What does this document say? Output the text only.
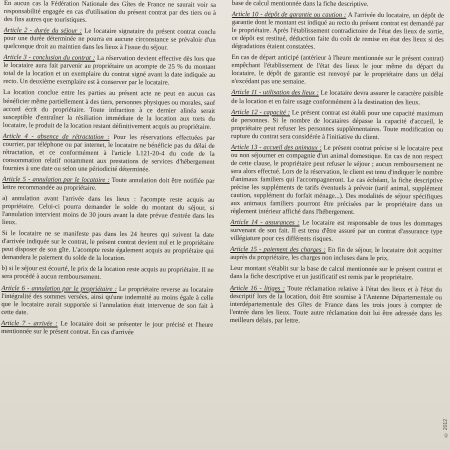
En aucun cas la Fédération Nationale des Gîtes de France ne saurait voir sa responsabilité engagée en cas d'utilisation du présent contrat par des tiers ou à des fins autres que touristiques.

Article 2 - durée du séjour : Le locataire signataire du présent contrat conclu pour une durée déterminée ne pourra en aucune circonstance se prévaloir d'un quelconque droit au maintien dans les lieux à l'issue du séjour.

Article 3 - conclusion du contrat : La réservation devient effective dès lors que le locataire aura fait parvenir au propriétaire un acompte de 25 % du montant total de la location et un exemplaire du contrat signé avant la date indiquée au recto. Un deuxième exemplaire est à conserver par le locataire.

La location conclue entre les parties au présent acte ne peut en aucun cas bénéficier même partiellement à des tiers, personnes physiques ou morales, sauf accord écrit du propriétaire. Toute infraction à ce dernier alinéa serait susceptible d'entraîner la résiliation immédiate de la location aux torts du locataire, le produit de la location restant définitivement acquis au propriétaire.

Article 4 - absence de rétractation : Pour les réservations effectuées par courrier, par téléphone ou par internet, le locataire ne bénéficie pas du délai de rétractation, et ce conformément à l'article L121-20-4 du code de la consommation relatif notamment aux prestations de services d'hébergement fournies à une date ou selon une périodicité déterminée.

Article 5 - annulation par le locataire : Toute annulation doit être notifiée par lettre recommandée au propriétaire.

a) annulation avant l'arrivée dans les lieux : l'acompte reste acquis au propriétaire. Celui-ci pourra demander le solde du montant du séjour, si l'annulation intervient moins de 30 jours avant la date prévue d'entrée dans les lieux.

Si le locataire ne se manifeste pas dans les 24 heures qui suivent la date d'arrivée indiquée sur le contrat, le présent contrat devient nul et le propriétaire peut disposer de son gîte. L'acompte reste également acquis au propriétaire qui demandera le paiement du solde de la location.

b) si le séjour est écourté, le prix de la location reste acquis au propriétaire. Il ne sera procédé à aucun remboursement.

Article 6 - annulation par le propriétaire : Le propriétaire reverse au locataire l'intégralité des sommes versées, ainsi qu'une indemnité au moins égale à celle que le locataire aurait supportée si l'annulation était intervenue de son fait à cette date.

Article 7 - arrivée : Le locataire doit se présenter le jour précisé et l'heure mentionnée sur le présent contrat. En cas d'arrivée

base de calcul mentionnée dans la fiche descriptive.

Article 10 - dépôt de garantie ou caution : A l'arrivée du locataire, un dépôt de garantie dont le montant est indiqué au recto du présent contrat est demandé par le propriétaire. Après l'établissement contradictoire de l'état des lieux de sortie, ce dépôt est restitué, déduction faite du coût de remise en état des lieux si des dégradations étaient constatées.

En cas de départ anticipé (antérieur à l'heure mentionnée sur le présent contrat) empêchant l'établissement de l'état des lieux le jour même du départ du locataire, le dépôt de garantie est renvoyé par le propriétaire dans un délai n'excédant pas une semaine.

Article 11 - utilisation des lieux : Le locataire devra assurer le caractère paisible de la location et en faire usage conformément à la destination des lieux.

Article 12 - capacité : Le présent contrat est établi pour une capacité maximum de personnes. Si le nombre de locataires dépasse la capacité d'accueil, le propriétaire peut refuser les personnes supplémentaires. Toute modification ou rupture du contrat sera considérée à l'initiative du client.

Article 13 - accueil des animaux : Le présent contrat précise si le locataire peut ou non séjourner en compagnie d'un animal domestique. En cas de non respect de cette clause, le propriétaire peut refuser le séjour ; aucun remboursement ne sera alors effectué. Lors de la réservation, le client est tenu d'indiquer le nombre d'animaux familiers qui l'accompagneront. Le cas échéant, la fiche descriptive précise les suppléments de tarifs éventuels à prévoir (tarif animal, supplément caution, supplément du forfait ménage...). Des modalités de séjour spécifiques aux animaux familiers pourront être précisées par le propriétaire dans un règlement intérieur affiché dans l'hébergement.

Article 14 - assurances : Le locataire est responsable de tous les dommages survenant de son fait. Il est tenu d'être assuré par un contrat d'assurance type villégiature pour ces différents risques.

Article 15 - paiement des charges : En fin de séjour, le locataire doit acquitter auprès du propriétaire, les charges non incluses dans le prix.

Leur montant s'établit sur la base de calcul mentionnée sur le présent contrat et dans la fiche descriptive et un justificatif est remis par le propriétaire.

Article 16 - litiges : Toute réclamation relative à l'état des lieux et à l'état du descriptif lors de la location, doit être soumise à l'Antenne Départementale ou interdépartementale des Gîtes de France dans les trois jours à compter de l'entrée dans les lieux. Toute autre réclamation doit lui être adressée dans les meilleurs délais, par lettre.

© 2012
